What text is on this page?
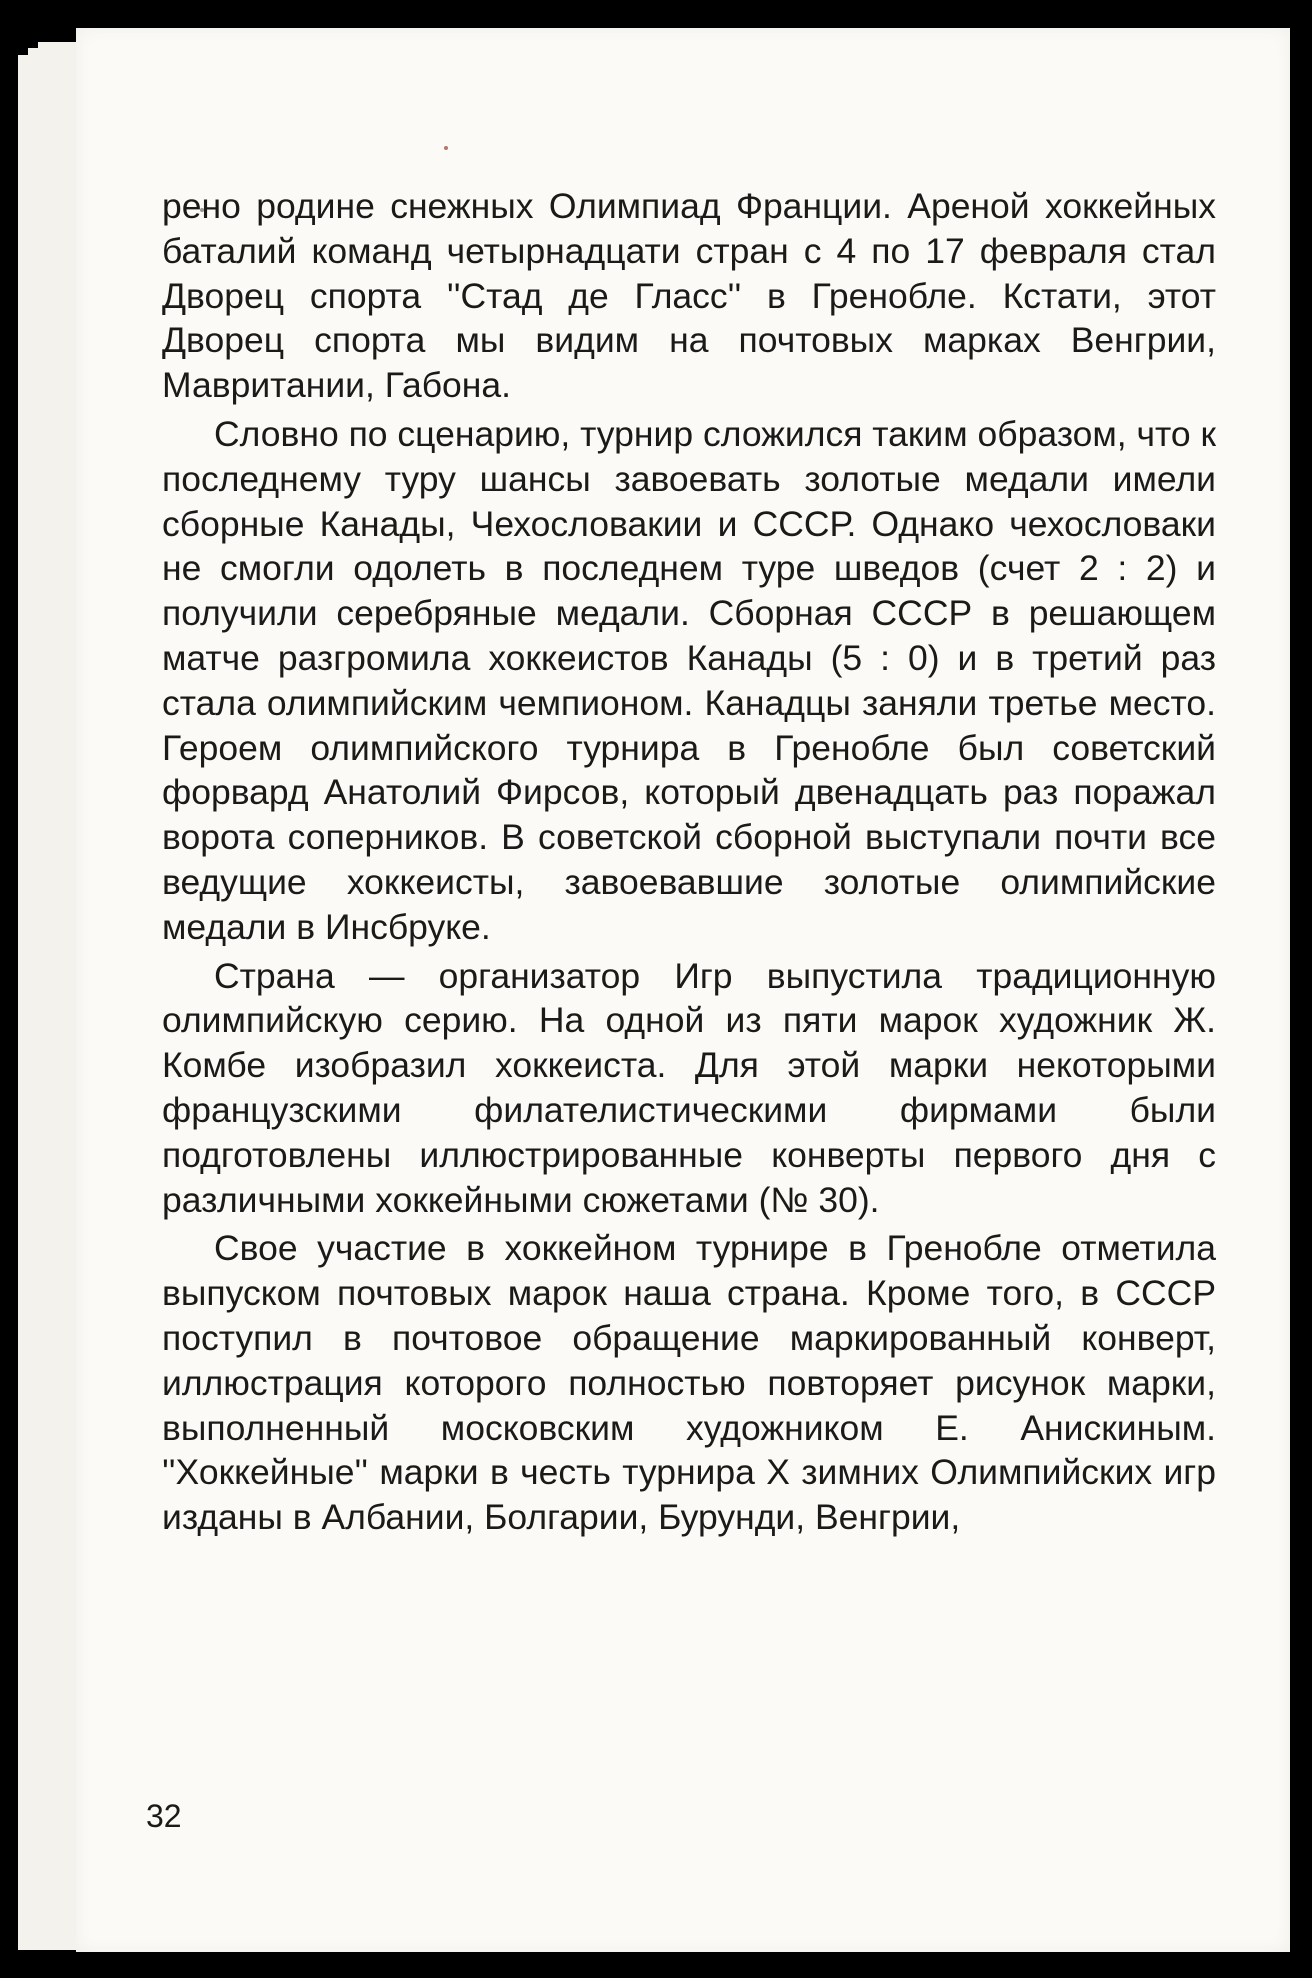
рено родине снежных Олимпиад Франции. Ареной хоккейных баталий команд четырнадцати стран с 4 по 17 февраля стал Дворец спорта ''Стад де Гласс'' в Гренобле. Кстати, этот Дворец спорта мы видим на почтовых марках Венгрии, Мавритании, Габона.

Словно по сценарию, турнир сложился таким образом, что к последнему туру шансы завоевать золотые медали имели сборные Канады, Чехословакии и СССР. Однако чехословаки не смогли одолеть в последнем туре шведов (счет 2 : 2) и получили серебряные медали. Сборная СССР в решающем матче разгромила хоккеистов Канады (5 : 0) и в третий раз стала олимпийским чемпионом. Канадцы заняли третье место. Героем олимпийского турнира в Гренобле был советский форвард Анатолий Фирсов, который двенадцать раз поражал ворота соперников. В советской сборной выступали почти все ведущие хоккеисты, завоевавшие золотые олимпийские медали в Инсбруке.

Страна — организатор Игр выпустила традиционную олимпийскую серию. На одной из пяти марок художник Ж. Комбе изобразил хоккеиста. Для этой марки некоторыми французскими филателистическими фирмами были подготовлены иллюстрированные конверты первого дня с различными хоккейными сюжетами (№ 30).

Свое участие в хоккейном турнире в Гренобле отметила выпуском почтовых марок наша страна. Кроме того, в СССР поступил в почтовое обращение маркированный конверт, иллюстрация которого полностью повторяет рисунок марки, выполненный московским художником Е. Анискиным. ''Хоккейные'' марки в честь турнира X зимних Олимпийских игр изданы в Албании, Болгарии, Бурунди, Венгрии,

32
